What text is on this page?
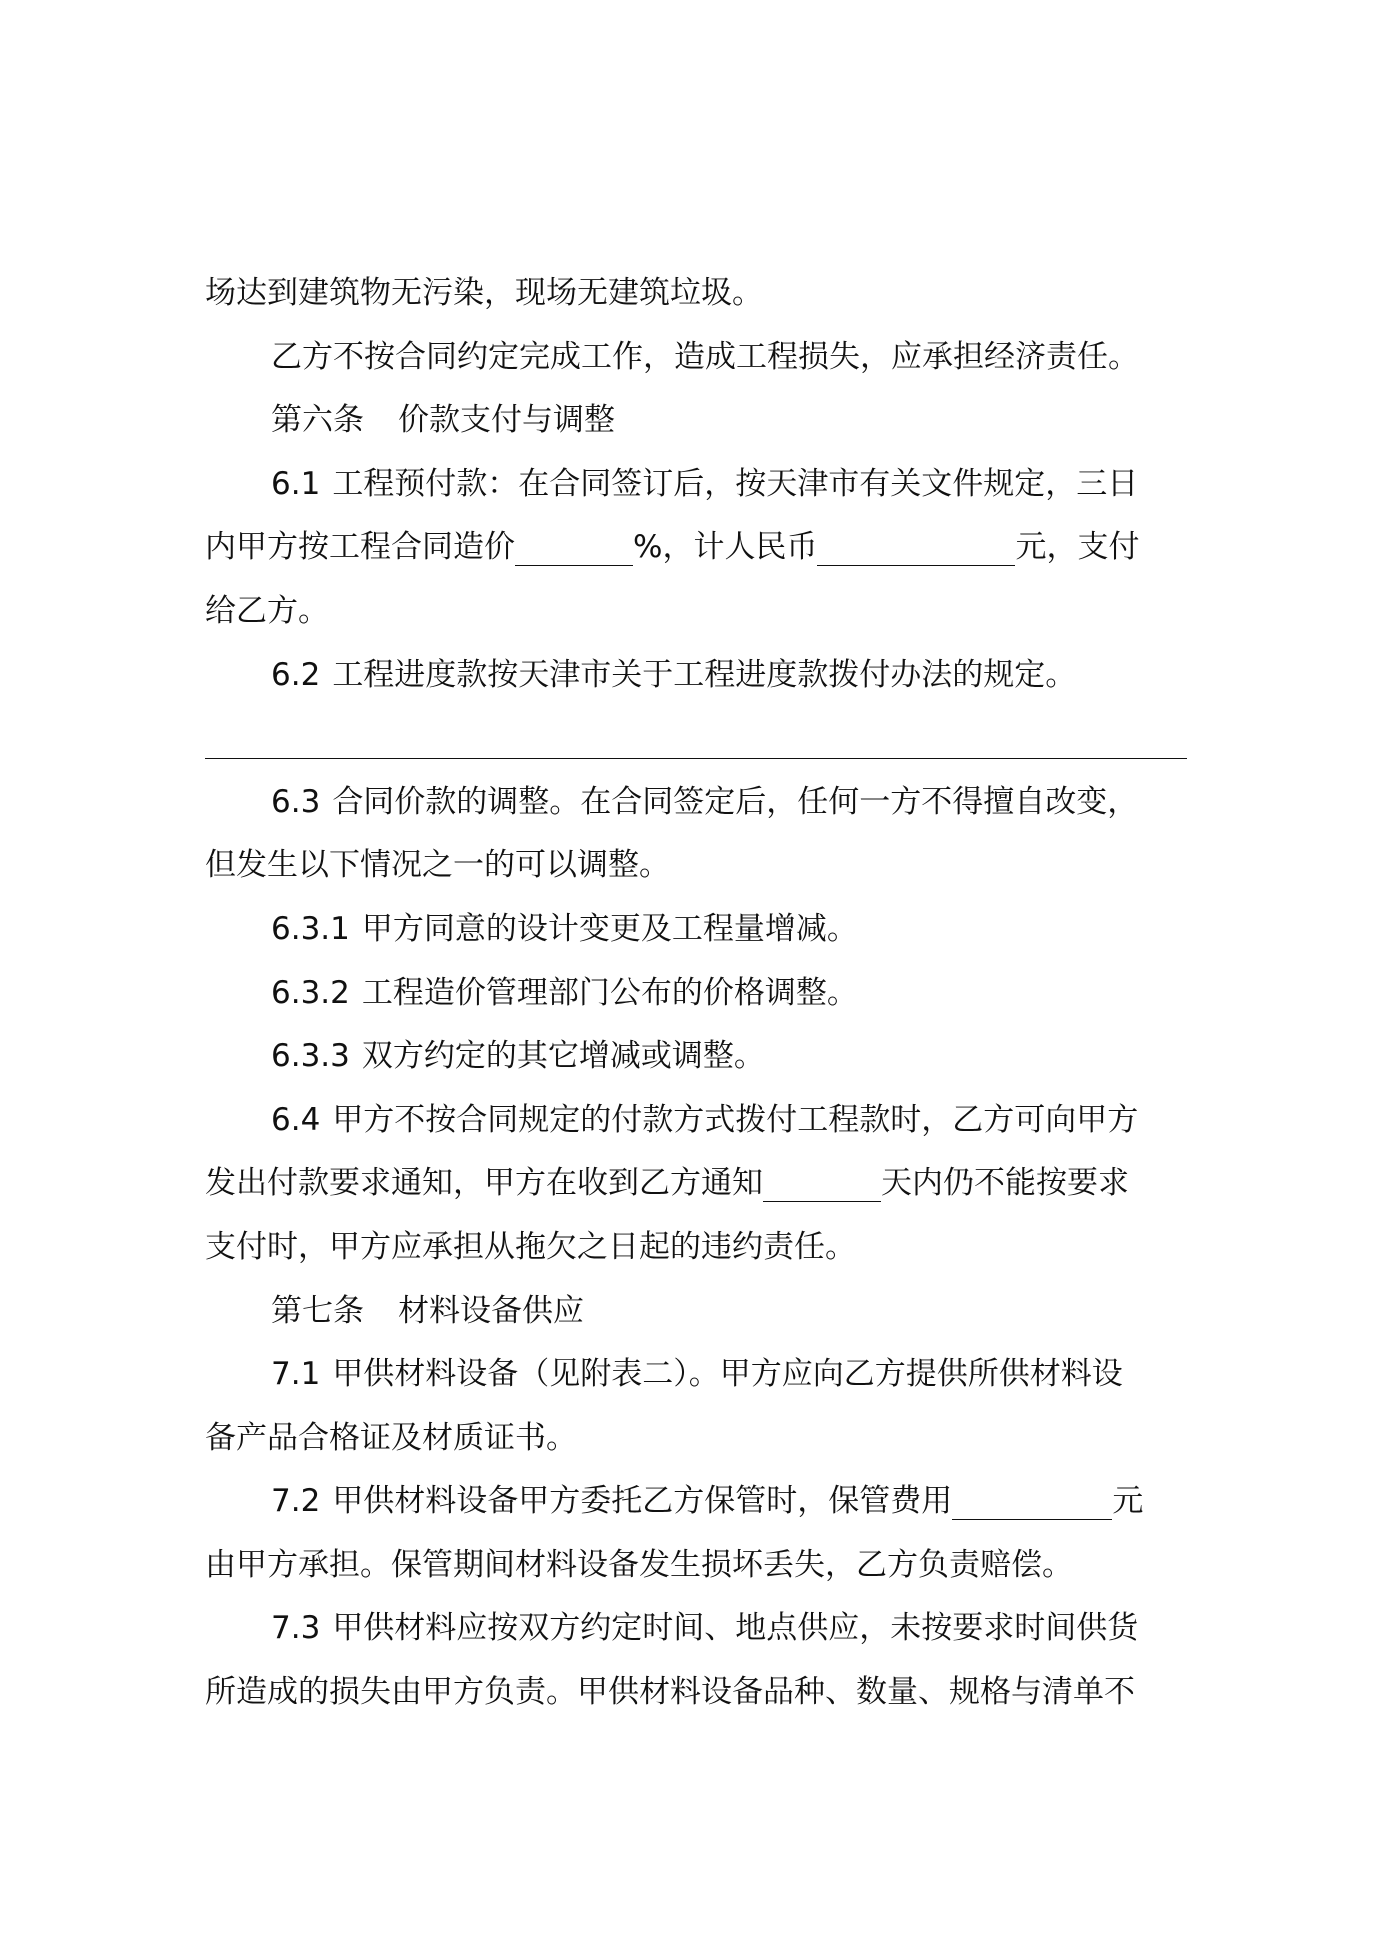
场达到建筑物无污染，现场无建筑垃圾。
乙方不按合同约定完成工作，造成工程损失，应承担经济责任。
第六条 价款支付与调整
6.1 工程预付款：在合同签订后，按天津市有关文件规定，三日
内甲方按工程合同造价	%，计人民币	元，支付
给乙方。
6.2 工程进度款按天津市关于工程进度款拨付办法的规定。
6.3 合同价款的调整。在合同签定后，任何一方不得擅自改变，
但发生以下情况之一的可以调整。
6.3.1 甲方同意的设计变更及工程量增减。
6.3.2 工程造价管理部门公布的价格调整。
6.3.3 双方约定的其它增减或调整。
6.4 甲方不按合同规定的付款方式拨付工程款时，乙方可向甲方
发出付款要求通知，甲方在收到乙方通知	天内仍不能按要求
支付时，甲方应承担从拖欠之日起的违约责任。
第七条 材料设备供应
7.1 甲供材料设备（见附表二）。甲方应向乙方提供所供材料设
备产品合格证及材质证书。
7.2 甲供材料设备甲方委托乙方保管时，保管费用	元
由甲方承担。保管期间材料设备发生损坏丢失，乙方负责赔偿。
7.3 甲供材料应按双方约定时间、地点供应，未按要求时间供货
所造成的损失由甲方负责。甲供材料设备品种、数量、规格与清单不
